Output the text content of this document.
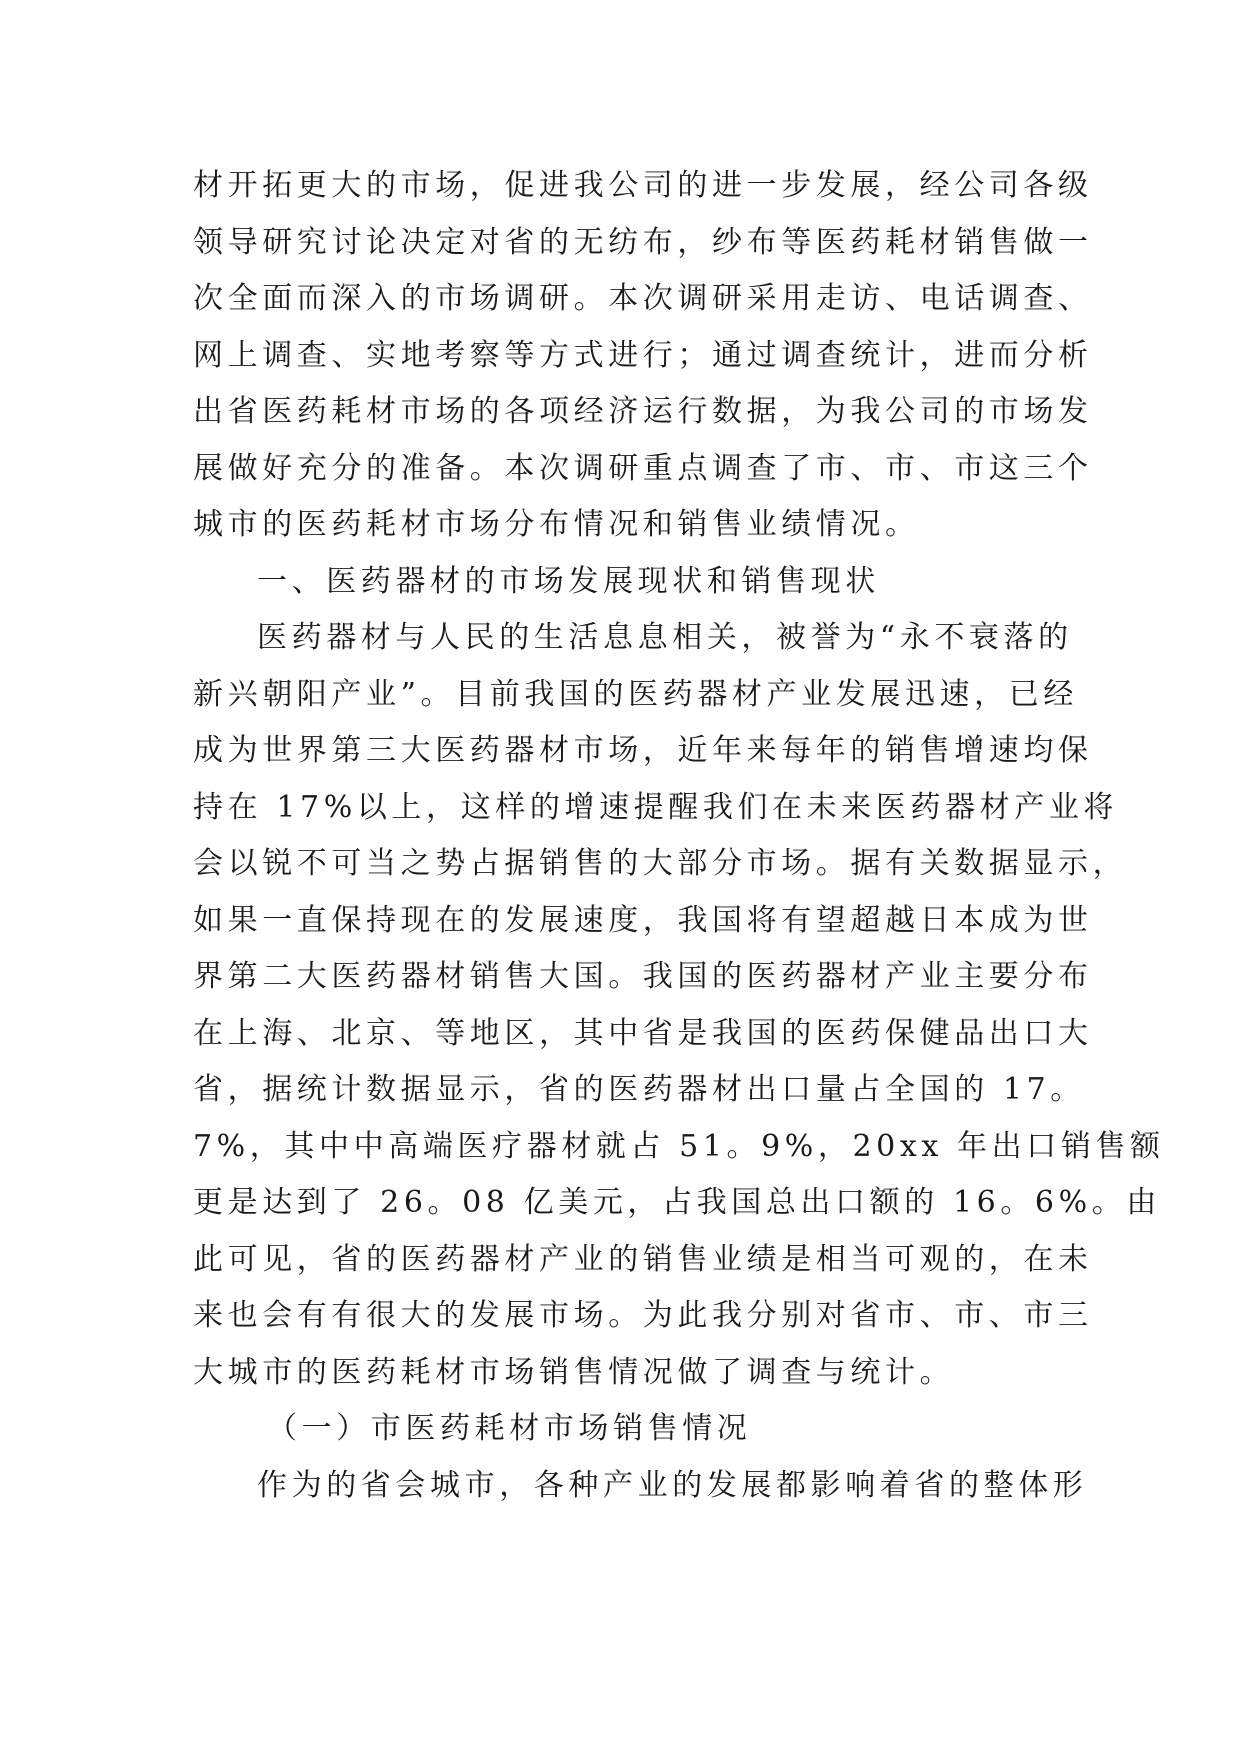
材开拓更大的市场，促进我公司的进一步发展，经公司各级
领导研究讨论决定对省的无纺布，纱布等医药耗材销售做一
次全面而深入的市场调研。本次调研采用走访、电话调查、
网上调查、实地考察等方式进行；通过调查统计，进而分析
出省医药耗材市场的各项经济运行数据，为我公司的市场发
展做好充分的准备。本次调研重点调查了市、市、市这三个
城市的医药耗材市场分布情况和销售业绩情况。
一、医药器材的市场发展现状和销售现状
医药器材与人民的生活息息相关，被誉为“永不衰落的
新兴朝阳产业”。目前我国的医药器材产业发展迅速，已经
成为世界第三大医药器材市场，近年来每年的销售增速均保
持在 17%以上，这样的增速提醒我们在未来医药器材产业将
会以锐不可当之势占据销售的大部分市场。据有关数据显示，
如果一直保持现在的发展速度，我国将有望超越日本成为世
界第二大医药器材销售大国。我国的医药器材产业主要分布
在上海、北京、等地区，其中省是我国的医药保健品出口大
省，据统计数据显示，省的医药器材出口量占全国的 17。
7%，其中中高端医疗器材就占 51。9%，20xx 年出口销售额
更是达到了 26。08 亿美元，占我国总出口额的 16。6%。由
此可见，省的医药器材产业的销售业绩是相当可观的，在未
来也会有有很大的发展市场。为此我分别对省市、市、市三
大城市的医药耗材市场销售情况做了调查与统计。
（一）市医药耗材市场销售情况
作为的省会城市，各种产业的发展都影响着省的整体形
